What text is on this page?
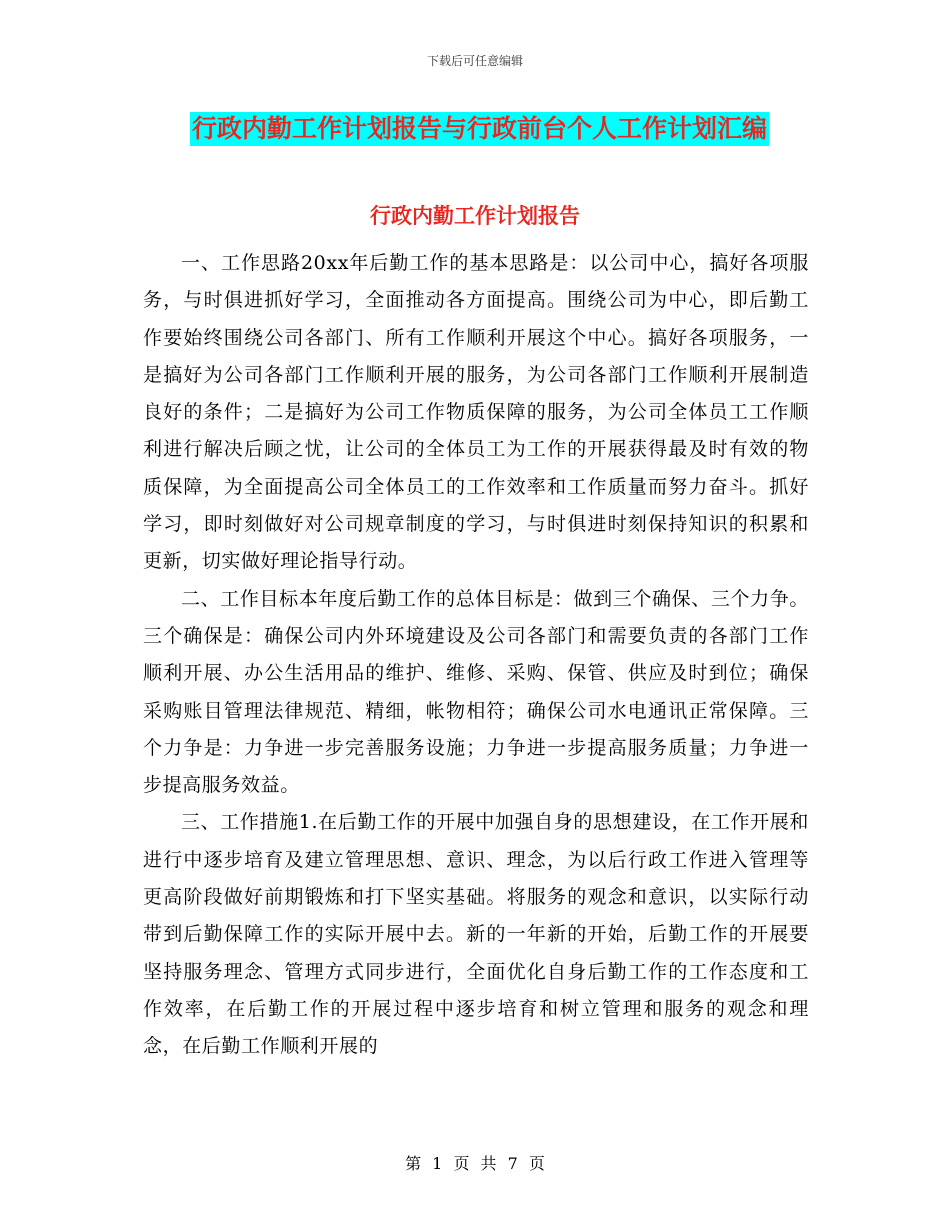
下载后可任意编辑
行政内勤工作计划报告与行政前台个人工作计划汇编
行政内勤工作计划报告

一、工作思路20xx年后勤工作的基本思路是：以公司中心，搞好各项服务，与时俱进抓好学习，全面推动各方面提高。围绕公司为中心，即后勤工作要始终围绕公司各部门、所有工作顺利开展这个中心。搞好各项服务，一是搞好为公司各部门工作顺利开展的服务，为公司各部门工作顺利开展制造良好的条件；二是搞好为公司工作物质保障的服务，为公司全体员工工作顺利进行解决后顾之忧，让公司的全体员工为工作的开展获得最及时有效的物质保障，为全面提高公司全体员工的工作效率和工作质量而努力奋斗。抓好学习，即时刻做好对公司规章制度的学习，与时俱进时刻保持知识的积累和更新，切实做好理论指导行动。

二、工作目标本年度后勤工作的总体目标是：做到三个确保、三个力争。三个确保是：确保公司内外环境建设及公司各部门和需要负责的各部门工作顺利开展、办公生活用品的维护、维修、采购、保管、供应及时到位；确保采购账目管理法律规范、精细，帐物相符；确保公司水电通讯正常保障。三个力争是：力争进一步完善服务设施；力争进一步提高服务质量；力争进一步提高服务效益。

三、工作措施1.在后勤工作的开展中加强自身的思想建设，在工作开展和进行中逐步培育及建立管理思想、意识、理念，为以后行政工作进入管理等更高阶段做好前期锻炼和打下坚实基础。将服务的观念和意识，以实际行动带到后勤保障工作的实际开展中去。新的一年新的开始，后勤工作的开展要坚持服务理念、管理方式同步进行，全面优化自身后勤工作的工作态度和工作效率，在后勤工作的开展过程中逐步培育和树立管理和服务的观念和理念，在后勤工作顺利开展的

第 1 页 共 7 页
